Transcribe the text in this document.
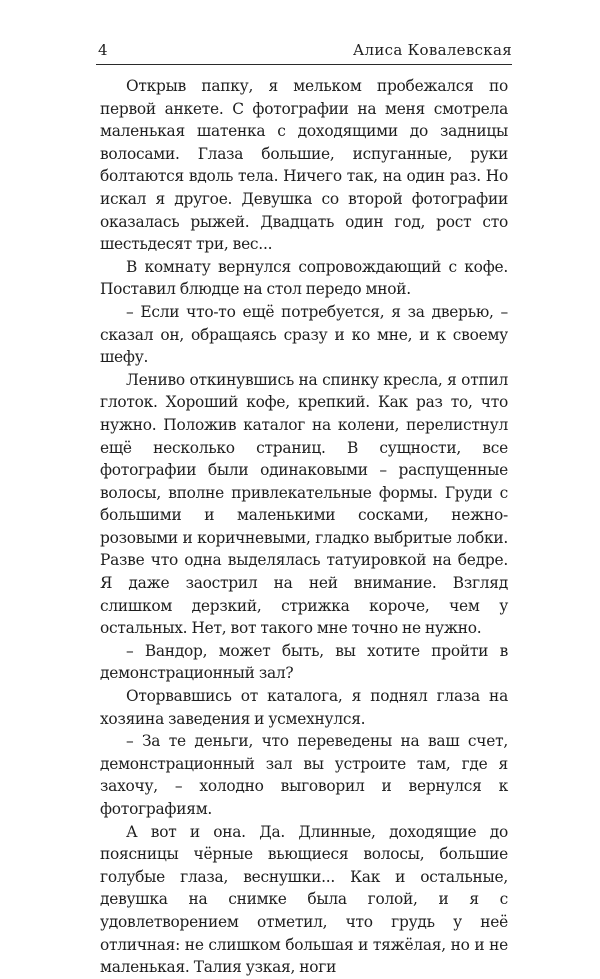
4	Алиса Ковалевская

Открыв папку, я мельком пробежался по первой анкете. С фотографии на меня смотрела маленькая шатенка с доходящими до задницы волосами. Глаза большие, испуганные, руки болтаются вдоль тела. Ничего так, на один раз. Но искал я другое. Девушка со второй фотографии оказалась рыжей. Двадцать один год, рост сто шестьдесят три, вес...

В комнату вернулся сопровождающий с кофе. Поставил блюдце на стол передо мной.

– Если что-то ещё потребуется, я за дверью, – сказал он, обращаясь сразу и ко мне, и к своему шефу.

Лениво откинувшись на спинку кресла, я отпил глоток. Хороший кофе, крепкий. Как раз то, что нужно. Положив каталог на колени, перелистнул ещё несколько страниц. В сущности, все фотографии были одинаковыми – распущенные волосы, вполне привлекательные формы. Груди с большими и маленькими сосками, нежно-розовыми и коричневыми, гладко выбритые лобки. Разве что одна выделялась татуировкой на бедре. Я даже заострил на ней внимание. Взгляд слишком дерзкий, стрижка короче, чем у остальных. Нет, вот такого мне точно не нужно.

– Вандор, может быть, вы хотите пройти в демонстрационный зал?

Оторвавшись от каталога, я поднял глаза на хозяина заведения и усмехнулся.

– За те деньги, что переведены на ваш счет, демонстрационный зал вы устроите там, где я захочу, – холодно выговорил и вернулся к фотографиям.

А вот и она. Да. Длинные, доходящие до поясницы чёрные вьющиеся волосы, большие голубые глаза, веснушки... Как и остальные, девушка на снимке была голой, и я с удовлетворением отметил, что грудь у неё отличная: не слишком большая и тяжёлая, но и не маленькая. Талия узкая, ноги
